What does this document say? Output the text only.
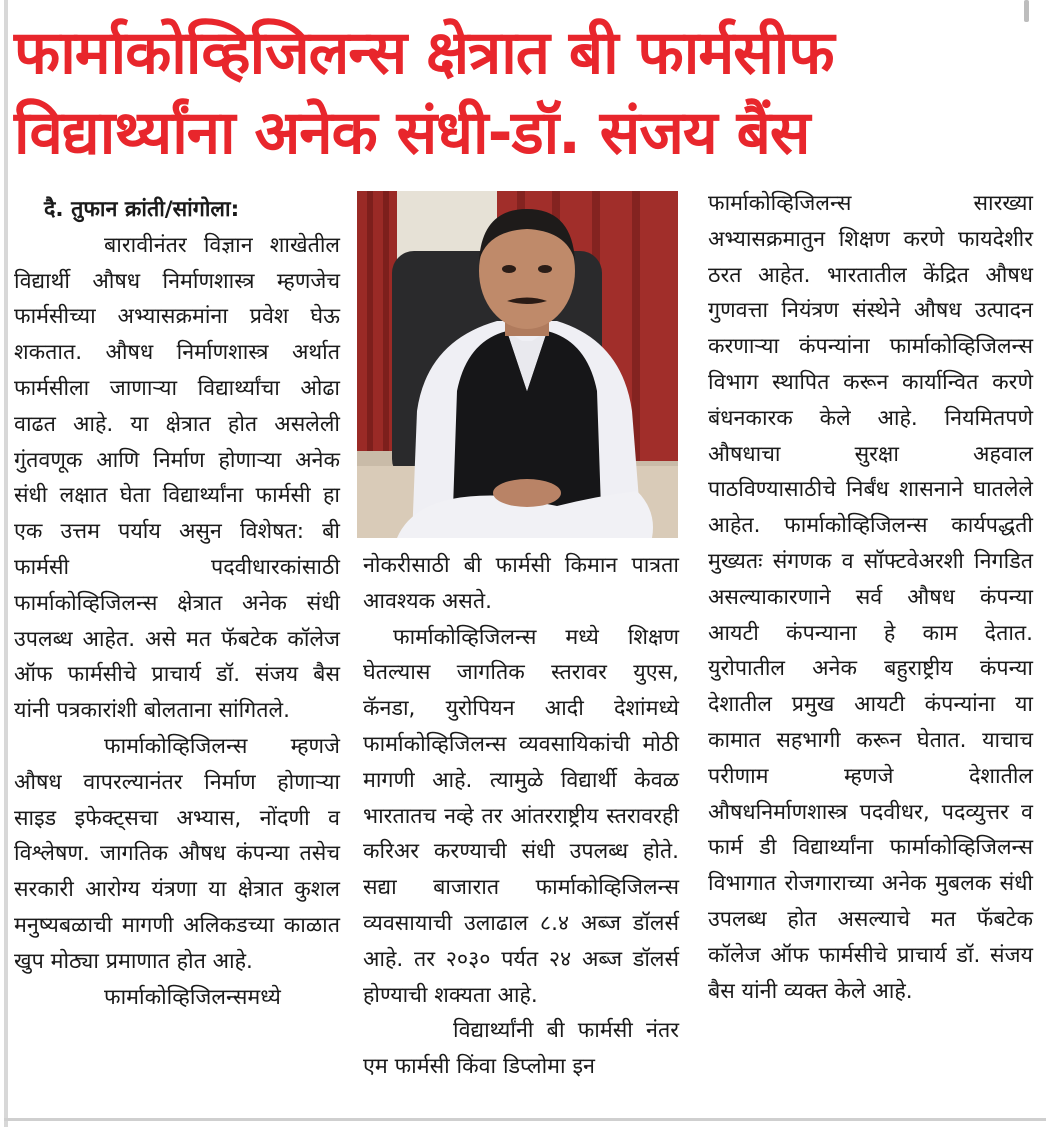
फार्माकोव्हिजिलन्स क्षेत्रात बी फार्मसीफ
विद्यार्थ्यांना अनेक संधी-डॉ. संजय बैंस

दै. तुफान क्रांती/सांगोला:

बारावीनंतर विज्ञान शाखेतील विद्यार्थी औषध निर्माणशास्त्र म्हणजेच फार्मसीच्या अभ्यासक्रमांना प्रवेश घेऊ शकतात. औषध निर्माणशास्त्र अर्थात फार्मसीला जाणाऱ्या विद्यार्थ्यांचा ओढा वाढत आहे. या क्षेत्रात होत असलेली गुंतवणूक आणि निर्माण होणाऱ्या अनेक संधी लक्षात घेता विद्यार्थ्यांना फार्मसी हा एक उत्तम पर्याय असुन विशेषत: बी फार्मसी पदवीधारकांसाठी फार्माकोव्हिजिलन्स क्षेत्रात अनेक संधी उपलब्ध आहेत. असे मत फॅबटेक कॉलेज ऑफ फार्मसीचे प्राचार्य डॉ. संजय बैस यांनी पत्रकारांशी बोलताना सांगितले.

फार्माकोव्हिजिलन्स म्हणजे औषध वापरल्यानंतर निर्माण होणाऱ्या साइड इफेक्ट्सचा अभ्यास, नोंदणी व विश्लेषण. जागतिक औषध कंपन्या तसेच सरकारी आरोग्य यंत्रणा या क्षेत्रात कुशल मनुष्यबळाची मागणी अलिकडच्या काळात खुप मोठ्या प्रमाणात होत आहे.

फार्माकोव्हिजिलन्समध्ये

नोकरीसाठी बी फार्मसी किमान पात्रता आवश्यक असते.

फार्माकोव्हिजिलन्स मध्ये शिक्षण घेतल्यास जागतिक स्तरावर युएस, कॅनडा, युरोपियन आदी देशांमध्ये फार्माकोव्हिजिलन्स व्यवसायिकांची मोठी मागणी आहे. त्यामुळे विद्यार्थी केवळ भारतातच नव्हे तर आंतरराष्ट्रीय स्तरावरही करिअर करण्याची संधी उपलब्ध होते. सद्या बाजारात फार्माकोव्हिजिलन्स व्यवसायाची उलाढाल ८.४ अब्ज डॉलर्स आहे. तर २०३० पर्यत २४ अब्ज डॉलर्स होण्याची शक्यता आहे.

विद्यार्थ्यांनी बी फार्मसी नंतर एम फार्मसी किंवा डिप्लोमा इन

फार्माकोव्हिजिलन्स सारख्या अभ्यासक्रमातुन शिक्षण करणे फायदेशीर ठरत आहेत. भारतातील केंद्रित औषध गुणवत्ता नियंत्रण संस्थेने औषध उत्पादन करणाऱ्या कंपन्यांना फार्माकोव्हिजिलन्स विभाग स्थापित करून कार्यान्वित करणे बंधनकारक केले आहे. नियमितपणे औषधाचा सुरक्षा अहवाल पाठविण्यासाठीचे निर्बंध शासनाने घातलेले आहेत. फार्माकोव्हिजिलन्स कार्यपद्धती मुख्यतः संगणक व सॉफ्टवेअरशी निगडित असल्याकारणाने सर्व औषध कंपन्या आयटी कंपन्याना हे काम देतात. युरोपातील अनेक बहुराष्ट्रीय कंपन्या देशातील प्रमुख आयटी कंपन्यांना या कामात सहभागी करून घेतात. याचाच परीणाम म्हणजे देशातील औषधनिर्माणशास्त्र पदवीधर, पदव्युत्तर व फार्म डी विद्यार्थ्यांना फार्माकोव्हिजिलन्स विभागात रोजगाराच्या अनेक मुबलक संधी उपलब्ध होत असल्याचे मत फॅबटेक कॉलेज ऑफ फार्मसीचे प्राचार्य डॉ. संजय बैस यांनी व्यक्त केले आहे.
